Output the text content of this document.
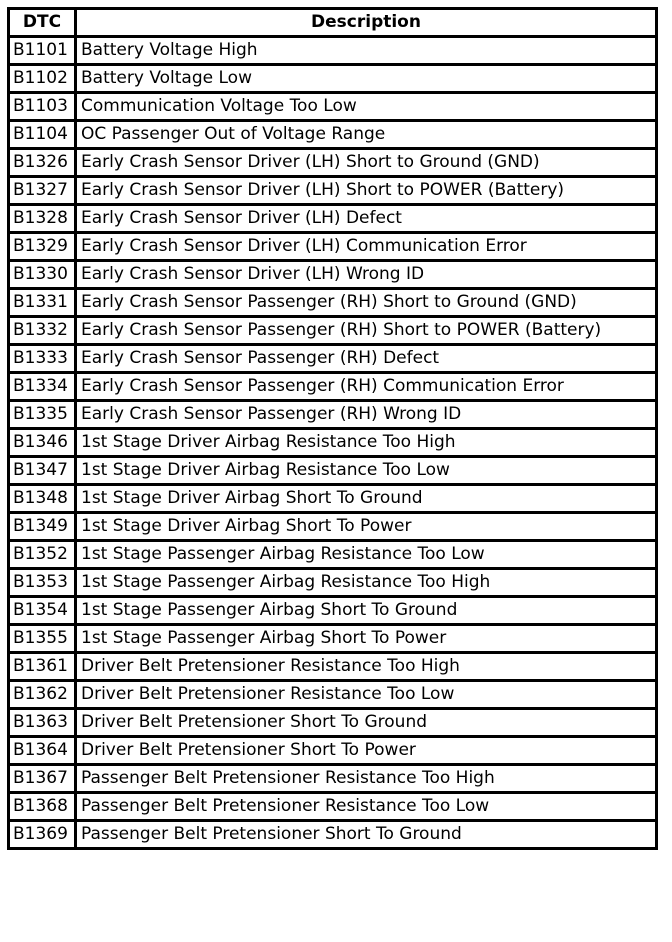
DTC	Description
B1101	Battery Voltage High
B1102	Battery Voltage Low
B1103	Communication Voltage Too Low
B1104	OC Passenger Out of Voltage Range
B1326	Early Crash Sensor Driver (LH) Short to Ground (GND)
B1327	Early Crash Sensor Driver (LH) Short to POWER (Battery)
B1328	Early Crash Sensor Driver (LH) Defect
B1329	Early Crash Sensor Driver (LH) Communication Error
B1330	Early Crash Sensor Driver (LH) Wrong ID
B1331	Early Crash Sensor Passenger (RH) Short to Ground (GND)
B1332	Early Crash Sensor Passenger (RH) Short to POWER (Battery)
B1333	Early Crash Sensor Passenger (RH) Defect
B1334	Early Crash Sensor Passenger (RH) Communication Error
B1335	Early Crash Sensor Passenger (RH) Wrong ID
B1346	1st Stage Driver Airbag Resistance Too High
B1347	1st Stage Driver Airbag Resistance Too Low
B1348	1st Stage Driver Airbag Short To Ground
B1349	1st Stage Driver Airbag Short To Power
B1352	1st Stage Passenger Airbag Resistance Too Low
B1353	1st Stage Passenger Airbag Resistance Too High
B1354	1st Stage Passenger Airbag Short To Ground
B1355	1st Stage Passenger Airbag Short To Power
B1361	Driver Belt Pretensioner Resistance Too High
B1362	Driver Belt Pretensioner Resistance Too Low
B1363	Driver Belt Pretensioner Short To Ground
B1364	Driver Belt Pretensioner Short To Power
B1367	Passenger Belt Pretensioner Resistance Too High
B1368	Passenger Belt Pretensioner Resistance Too Low
B1369	Passenger Belt Pretensioner Short To Ground
